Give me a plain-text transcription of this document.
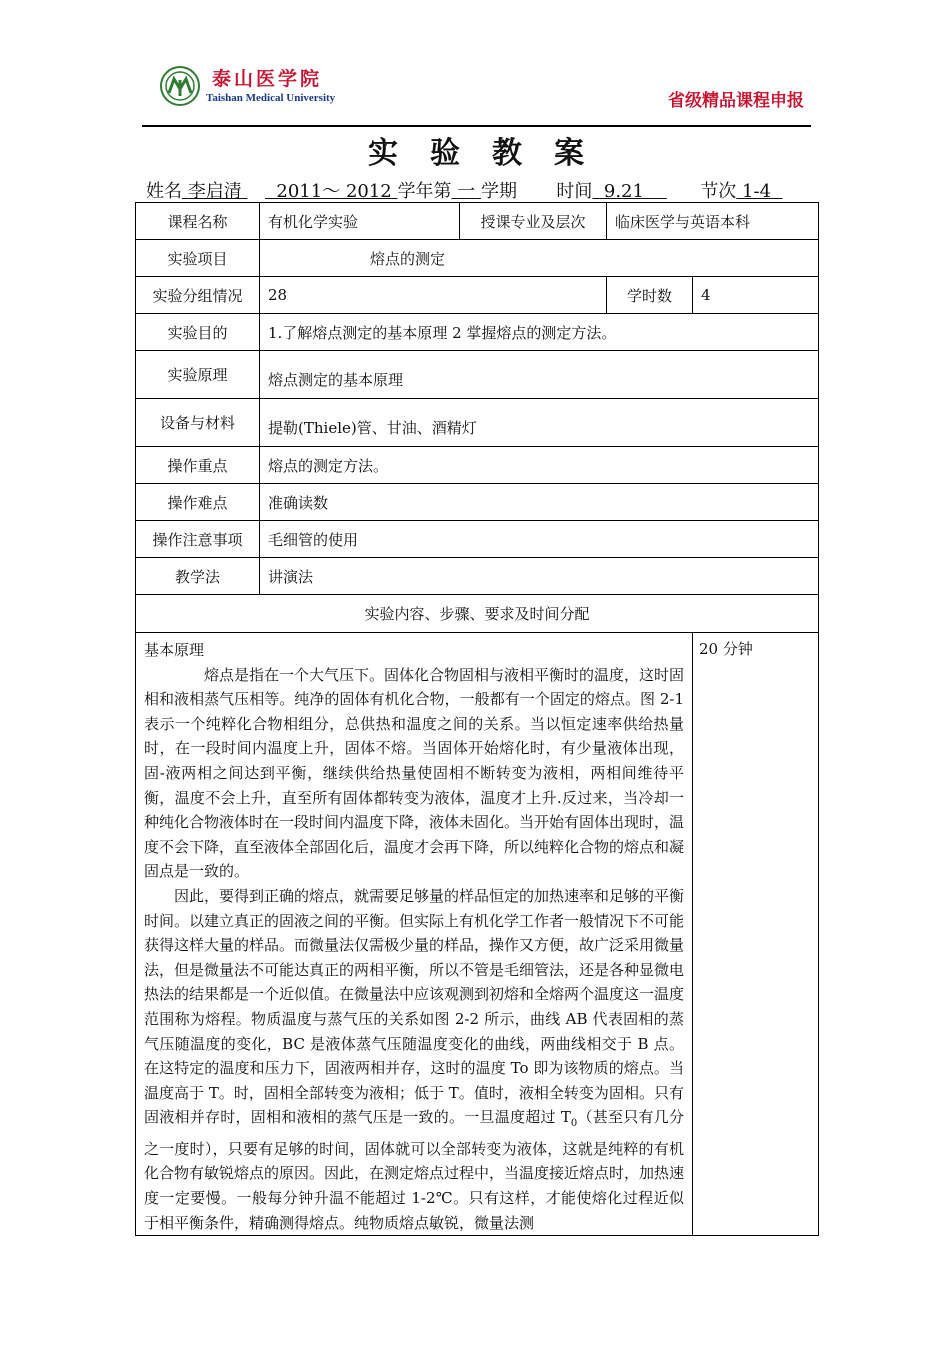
泰山医学院
Taishan Medical University	省级精品课程申报
实验教案
姓名 李启清 2011～ 2012 学年第 一 学期 时间 9.21	节次 1-4
课程名称	有机化学实验	授课专业及层次	临床医学与英语本科	
实验项目	熔点的测定			
实验分组情况	28		学时数	4
实验目的	1.了解熔点测定的基本原理 2 掌握熔点的测定方法。			
实验原理	熔点测定的基本原理			
设备与材料	提勒(Thiele)管、甘油、酒精灯			
操作重点	熔点的测定方法。			
操作难点	准确读数			
操作注意事项	毛细管的使用			
教学法	讲演法			
实验内容、步骤、要求及时间分配				

基本原理

熔点是指在一个大气压下。固体化合物固相与液相平衡时的温度，这时固相和液相蒸气压相等。纯净的固体有机化合物，一般都有一个固定的熔点。图 2-1 表示一个纯粹化合物相组分，总供热和温度之间的关系。当以恒定速率供给热量时，在一段时间内温度上升，固体不熔。当固体开始熔化时，有少量液体出现，固-液两相之间达到平衡，继续供给热量使固相不断转变为液相，两相间维待平衡，温度不会上升，直至所有固体都转变为液体，温度才上升.反过来，当冷却一种纯化合物液体时在一段时间内温度下降，液体未固化。当开始有固体出现时，温度不会下降，直至液体全部固化后，温度才会再下降，所以纯粹化合物的熔点和凝固点是一致的。

因此，要得到正确的熔点，就需要足够量的样品恒定的加热速率和足够的平衡时间。以建立真正的固液之间的平衡。但实际上有机化学工作者一般情况下不可能获得这样大量的样品。而微量法仅需极少量的样品，操作又方便，故广泛采用微量法，但是微量法不可能达真正的两相平衡，所以不管是毛细管法，还是各种显微电热法的结果都是一个近似值。在微量法中应该观测到初熔和全熔两个温度这一温度范围称为熔程。物质温度与蒸气压的关系如图 2-2 所示，曲线 AB 代表固相的蒸气压随温度的变化，BC 是液体蒸气压随温度变化的曲线，两曲线相交于 B 点。在这特定的温度和压力下，固液两相并存，这时的温度 To 即为该物质的熔点。当温度高于 T。时，固相全部转变为液相；低于 T。值时，液相全转变为固相。只有固液相并存时，固相和液相的蒸气压是一致的。一旦温度超过 $T_0$（甚至只有几分之一度时），只要有足够的时间，固体就可以全部转变为液体，这就是纯粹的有机化合物有敏锐熔点的原因。因此，在测定熔点过程中，当温度接近熔点时，加热速度一定要慢。一般每分钟升温不能超过 1-2℃。只有这样，才能使熔化过程近似于相平衡条件，精确测得熔点。纯物质熔点敏锐，微量法测				20 分钟
